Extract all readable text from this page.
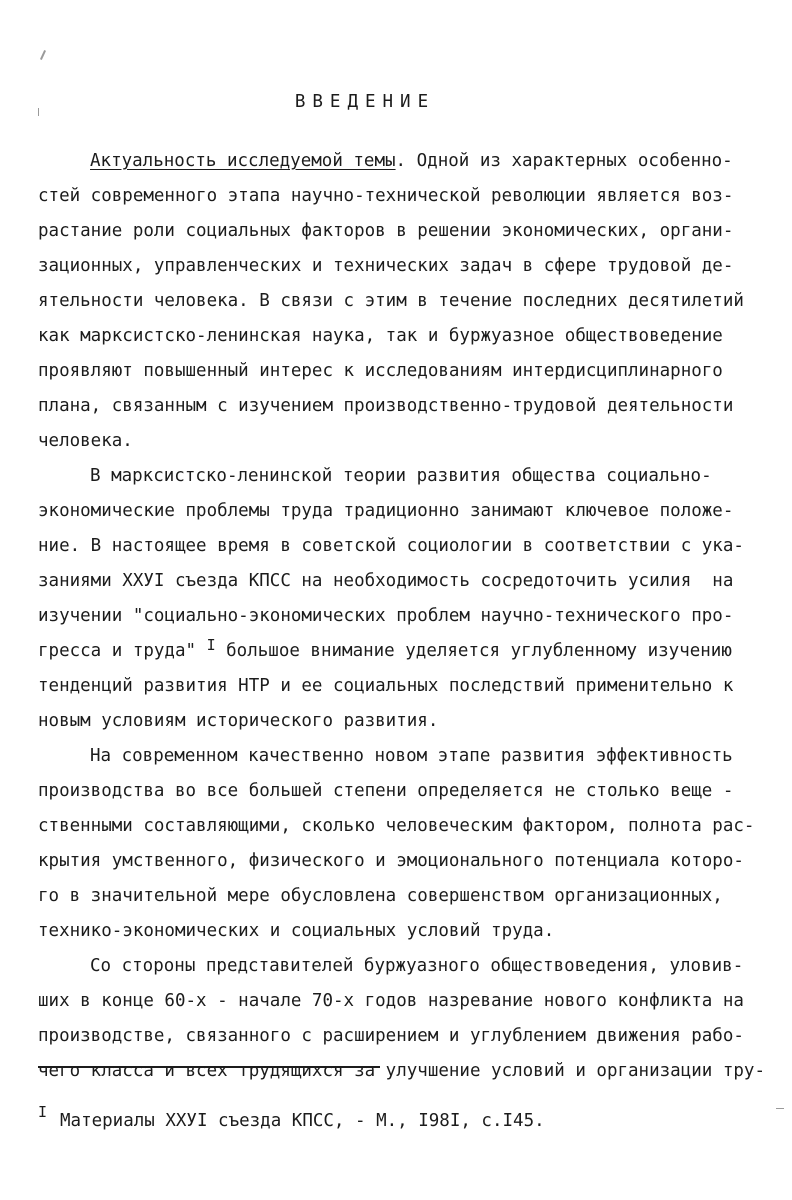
ВВЕДЕНИЕ
Актуальность исследуемой темы. Одной из характерных особенно-
стей современного этапа научно-технической революции является воз-
растание роли социальных факторов в решении экономических, органи-
зационных, управленческих и технических задач в сфере трудовой де-
ятельности человека. В связи с этим в течение последних десятилетий
как марксистско-ленинская наука, так и буржуазное обществоведение
проявляют повышенный интерес к исследованиям интердисциплинарного
плана, связанным с изучением производственно-трудовой деятельности
человека.
В марксистско-ленинской теории развития общества социально-
экономические проблемы труда традиционно занимают ключевое положе-
ние. В настоящее время в советской социологии в соответствии с ука-
заниями XXУI съезда КПСС на необходимость сосредоточить усилия  на
изучении "социально-экономических проблем научно-технического про-
гресса и труда" I большое внимание уделяется углубленному изучению
тенденций развития НТР и ее социальных последствий применительно к
новым условиям исторического развития.
На современном качественно новом этапе развития эффективность
производства во все большей степени определяется не столько веще -
ственными составляющими, сколько человеческим фактором, полнота рас-
крытия умственного, физического и эмоционального потенциала которо-
го в значительной мере обусловлена совершенством организационных,
технико-экономических и социальных условий труда.
Со стороны представителей буржуазного обществоведения, уловив-
ших в конце 60-х - начале 70-х годов назревание нового конфликта на
производстве, связанного с расширением и углублением движения рабо-
чего класса и всех трудящихся за улучшение условий и организации тру-
I Материалы XXУI съезда КПСС, - М., I98I, с.I45.
